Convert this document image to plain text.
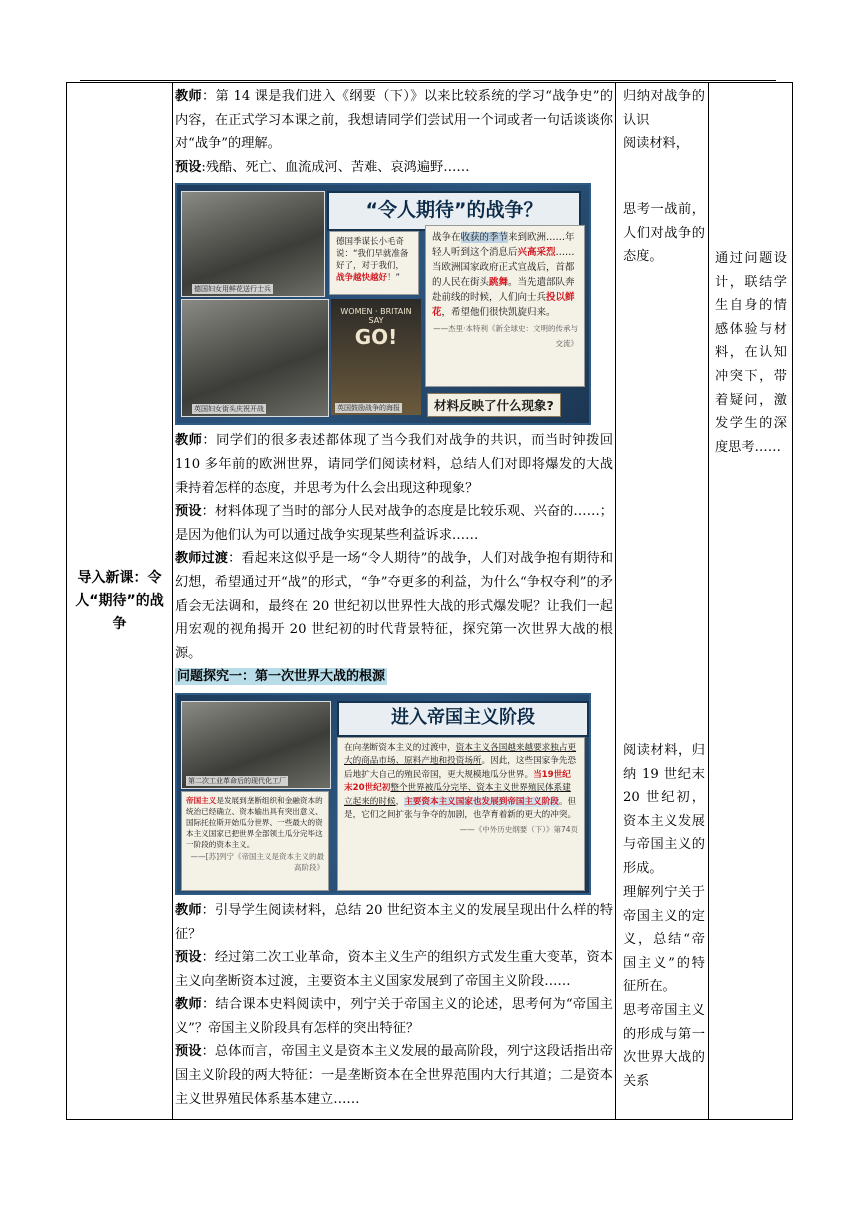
导入新课：令人“期待”的战争

教师：第 14 课是我们进入《纲要（下）》以来比较系统的学习“战争史”的内容，在正式学习本课之前，我想请同学们尝试用一个词或者一句话谈谈你对“战争”的理解。

预设:残酷、死亡、血流成河、苦难、哀鸿遍野……

“令人期待”的战争？
德国妇女用鲜花送行士兵
英国妇女街头庆祝开战
德国季谋长小毛奇说：“我们早就准备好了，对于我们，战争越快越好！”
战争在收获的季节来到欧洲……年轻人听到这个消息后兴高采烈……当欧洲国家政府正式宣战后，首都的人民在街头跳舞。当先遣部队奔赴前线的时候，人们向士兵投以鲜花，希望他们很快凯旋归来。
——杰里·本特利《新全球史：文明的传承与交流》
WOMEN · BRITAIN
SAY
GO!
英国鼓励战争的海报	材料反映了什么现象?

教师：同学们的很多表述都体现了当今我们对战争的共识，而当时钟拨回 110 多年前的欧洲世界，请同学们阅读材料，总结人们对即将爆发的大战秉持着怎样的态度，并思考为什么会出现这种现象？

预设：材料体现了当时的部分人民对战争的态度是比较乐观、兴奋的……；是因为他们认为可以通过战争实现某些利益诉求……

教师过渡：看起来这似乎是一场“令人期待”的战争，人们对战争抱有期待和幻想，希望通过开“战”的形式，“争”夺更多的利益，为什么“争权夺利”的矛盾会无法调和，最终在 20 世纪初以世界性大战的形式爆发呢？让我们一起用宏观的视角揭开 20 世纪初的时代背景特征，探究第一次世界大战的根源。

问题探究一：第一次世界大战的根源

第二次工业革命后的现代化工厂
进入帝国主义阶段
帝国主义是发展到垄断组织和金融资本的统治已经确立、资本输出具有突出意义、国际托拉斯开始瓜分世界、一些最大的资本主义国家已把世界全部领土瓜分完毕这一阶段的资本主义。
——[苏]列宁《帝国主义是资本主义的最高阶段》
在向垄断资本主义的过渡中，资本主义各国越来越要求独占更大的商品市场、原料产地和投资场所。因此，这些国家争先恐后地扩大自己的殖民帝国，更大规模地瓜分世界。当19世纪末20世纪初整个世界被瓜分完毕、资本主义世界殖民体系建立起来的时候，主要资本主义国家也发展到帝国主义阶段。但是，它们之间扩张与争夺的加剧，也孕育着新的更大的冲突。
——《中外历史纲要（下）》第74页

教师：引导学生阅读材料，总结 20 世纪资本主义的发展呈现出什么样的特征？

预设：经过第二次工业革命，资本主义生产的组织方式发生重大变革，资本主义向垄断资本过渡，主要资本主义国家发展到了帝国主义阶段……

教师：结合课本史料阅读中，列宁关于帝国主义的论述，思考何为“帝国主义”？帝国主义阶段具有怎样的突出特征？

预设：总体而言，帝国主义是资本主义发展的最高阶段，列宁这段话指出帝国主义阶段的两大特征：一是垄断资本在全世界范围内大行其道；二是资本主义世界殖民体系基本建立……

归纳对战争的认识
阅读材料，
思考一战前，人们对战争的态度。
阅读材料，归纳 19 世纪末 20 世纪初，资本主义发展与帝国主义的形成。
理解列宁关于帝国主义的定义，总结“帝国主义”的特征所在。
思考帝国主义的形成与第一次世界大战的关系
通过问题设计，联结学生自身的情感体验与材料，在认知冲突下，带着疑问，激发学生的深度思考……
